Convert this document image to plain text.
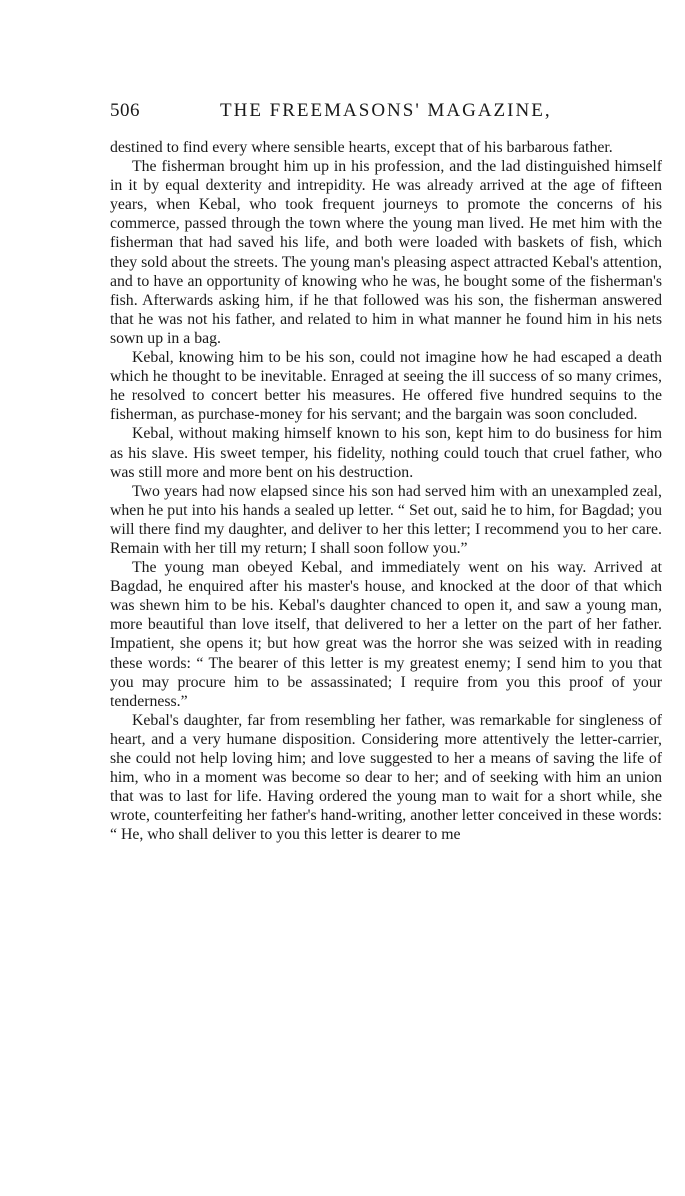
506	THE FREEMASONS' MAGAZINE,

destined to find every where sensible hearts, except that of his barbarous father.

The fisherman brought him up in his profession, and the lad distinguished himself in it by equal dexterity and intrepidity. He was already arrived at the age of fifteen years, when Kebal, who took frequent journeys to promote the concerns of his commerce, passed through the town where the young man lived. He met him with the fisherman that had saved his life, and both were loaded with baskets of fish, which they sold about the streets. The young man's pleasing aspect attracted Kebal's attention, and to have an opportunity of knowing who he was, he bought some of the fisherman's fish. Afterwards asking him, if he that followed was his son, the fisherman answered that he was not his father, and related to him in what manner he found him in his nets sown up in a bag.

Kebal, knowing him to be his son, could not imagine how he had escaped a death which he thought to be inevitable. Enraged at seeing the ill success of so many crimes, he resolved to concert better his measures. He offered five hundred sequins to the fisherman, as purchase-money for his servant; and the bargain was soon concluded.

Kebal, without making himself known to his son, kept him to do business for him as his slave. His sweet temper, his fidelity, nothing could touch that cruel father, who was still more and more bent on his destruction.

Two years had now elapsed since his son had served him with an unexampled zeal, when he put into his hands a sealed up letter. “ Set out, said he to him, for Bagdad; you will there find my daughter, and deliver to her this letter; I recommend you to her care. Remain with her till my return; I shall soon follow you.”

The young man obeyed Kebal, and immediately went on his way. Arrived at Bagdad, he enquired after his master's house, and knocked at the door of that which was shewn him to be his. Kebal's daughter chanced to open it, and saw a young man, more beautiful than love itself, that delivered to her a letter on the part of her father. Impatient, she opens it; but how great was the horror she was seized with in reading these words: “ The bearer of this letter is my greatest enemy; I send him to you that you may procure him to be assassinated; I require from you this proof of your tenderness.”

Kebal's daughter, far from resembling her father, was remarkable for singleness of heart, and a very humane disposition. Considering more attentively the letter-carrier, she could not help loving him; and love suggested to her a means of saving the life of him, who in a moment was become so dear to her; and of seeking with him an union that was to last for life. Having ordered the young man to wait for a short while, she wrote, counterfeiting her father's hand-writing, another letter conceived in these words: “ He, who shall deliver to you this letter is dearer to me
